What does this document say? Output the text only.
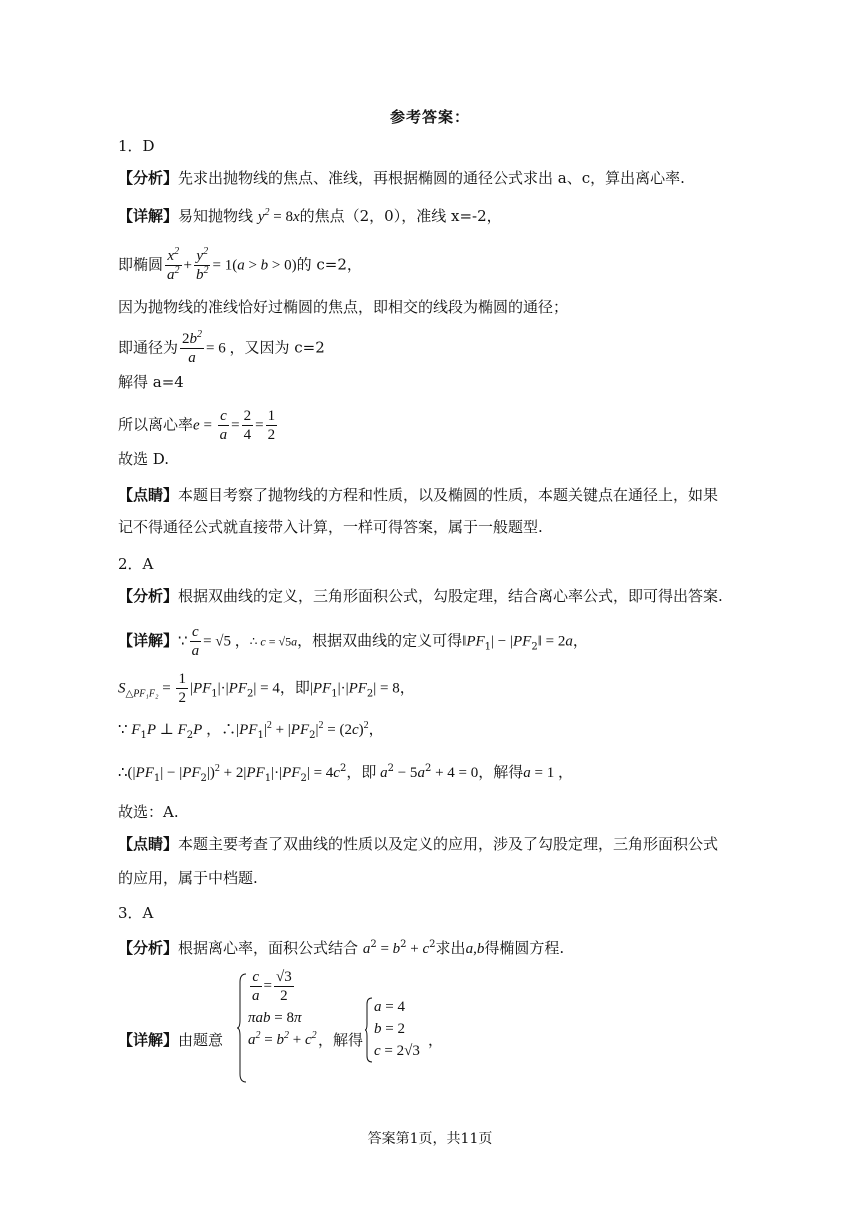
参考答案：
1．D
【分析】先求出抛物线的焦点、准线，再根据椭圆的通径公式求出 a、c，算出离心率.
【详解】易知抛物线 $y^2 = 8x$的焦点（2，0），准线 x=-2，
即椭圆 $\frac{x^2}{a^2} + \frac{y^2}{b^2} = 1(a > b > 0)$的 c=2，
因为抛物线的准线恰好过椭圆的焦点，即相交的线段为椭圆的通径；
即通径为 $\frac{2b^2}{a} = 6$ ，又因为 c=2
解得 a=4
所以离心率$e = \frac{c}{a} = \frac{2}{4} = \frac{1}{2}$
故选 D.
【点睛】本题目考察了抛物线的方程和性质，以及椭圆的性质，本题关键点在通径上，如果
记不得通径公式就直接带入计算，一样可得答案，属于一般题型.
2．A
【分析】根据双曲线的定义，三角形面积公式，勾股定理，结合离心率公式，即可得出答案.
【详解】∵ $\frac{c}{a} = √5$ ，∴ c = √5a，根据双曲线的定义可得$‖PF_1|$ − $|PF_2‖ = 2a$，
$S_{\triangle PF_1F_2} = \frac{1}{2} |PF_1|\cdot|PF_2| = 4$，即$|PF_1|\cdot|PF_2| = 8$，
∵ $F_1P$ ⊥ $F_2P$ ，$\therefore|PF_1|^2 + |PF_2|^2 = (2c)^2$，
$\therefore(|PF_1| - |PF_2|)^2 + 2|PF_1|\cdot|PF_2| = 4c^2$，即 $a^2 - 5a^2 + 4 = 0$，解得a = 1 ，
故选：A.
【点睛】本题主要考查了双曲线的性质以及定义的应用，涉及了勾股定理，三角形面积公式
的应用，属于中档题.
3．A
【分析】根据离心率，面积公式结合 $a^2 = b^2 + c^2$求出a,b得椭圆方程.
【详解】由题意
$\frac{c}{a} = \frac{√3}{2}$
πab = 8π
$a^2 = b^2 + c^2$ ，解得
a = 4
b = 2
c = 2√3
，
答案第1页，共11页
